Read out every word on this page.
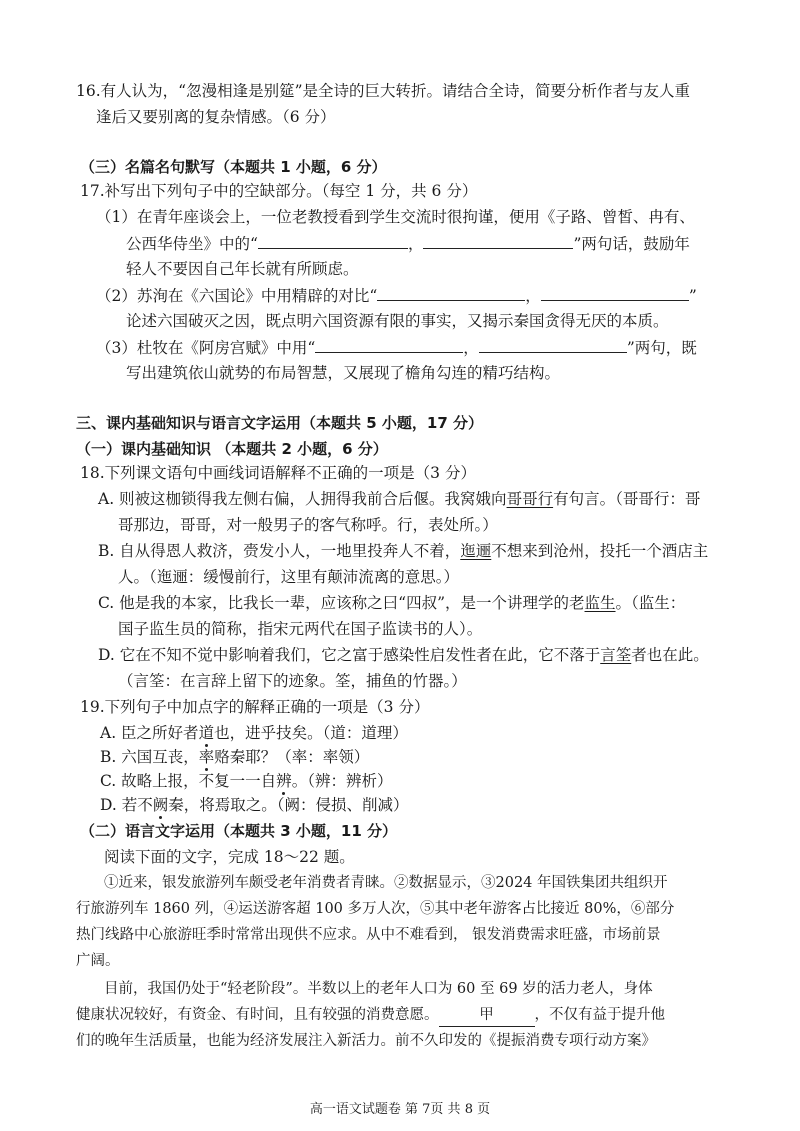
16.有人认为，“忽漫相逢是别筵”是全诗的巨大转折。请结合全诗，简要分析作者与友人重
逢后又要别离的复杂情感。（6 分）
（三）名篇名句默写（本题共 1 小题，6 分）
17.补写出下列句子中的空缺部分。（每空 1 分，共 6 分）
（1）在青年座谈会上，一位老教授看到学生交流时很拘谨，便用《子路、曾皙、冉有、
公西华侍坐》中的“	，	”两句话，鼓励年
轻人不要因自己年长就有所顾虑。
（2）苏洵在《六国论》中用精辟的对比“	，	”
论述六国破灭之因，既点明六国资源有限的事实，又揭示秦国贪得无厌的本质。
（3）杜牧在《阿房宫赋》中用“	，	”两句，既
写出建筑依山就势的布局智慧，又展现了檐角勾连的精巧结构。
三、课内基础知识与语言文字运用（本题共 5 小题，17 分）
（一）课内基础知识 （本题共 2 小题，6 分）
18.下列课文语句中画线词语解释不正确的一项是（3 分）
A. 则被这枷锁得我左侧右偏，人拥得我前合后偃。我窝娥向哥哥行有句言。（哥哥行：哥
哥那边，哥哥，对一般男子的客气称呼。行，表处所。）
B. 自从得恩人救济，赍发小人，一地里投奔人不着，迤逦不想来到沧州，投托一个酒店主
人。（迤逦：缓慢前行，这里有颠沛流离的意思。）
C. 他是我的本家，比我长一辈，应该称之曰“四叔”，是一个讲理学的老监生。（监生：
国子监生员的简称，指宋元两代在国子监读书的人）。
D. 它在不知不觉中影响着我们，它之富于感染性启发性者在此，它不落于言筌者也在此。
（言筌：在言辞上留下的迹象。筌，捕鱼的竹器。）
19.下列句子中加点字的解释正确的一项是（3 分）
A. 臣之所好者道也，进乎技矣。（道：道理）
B. 六国互丧，率赂秦耶？（率：率领）
C. 故略上报，不复一一自辨。（辨：辨析）
D. 若不阙秦，将焉取之。（阙：侵损、削减）
（二）语言文字运用（本题共 3 小题，11 分）
阅读下面的文字，完成 18～22 题。
①近来，银发旅游列车颇受老年消费者青睐。②数据显示，③2024 年国铁集团共组织开
行旅游列车 1860 列，④运送游客超 100 多万人次，⑤其中老年游客占比接近 80%，⑥部分
热门线路中心旅游旺季时常常出现供不应求。从中不难看到， 银发消费需求旺盛，市场前景
广阔。
目前，我国仍处于“轻老阶段”。半数以上的老年人口为 60 至 69 岁的活力老人，身体
健康状况较好，有资金、有时间，且有较强的消费意愿。	甲	，不仅有益于提升他
们的晚年生活质量，也能为经济发展注入新活力。前不久印发的《提振消费专项行动方案》
高一语文试题卷 第 7页 共 8 页
